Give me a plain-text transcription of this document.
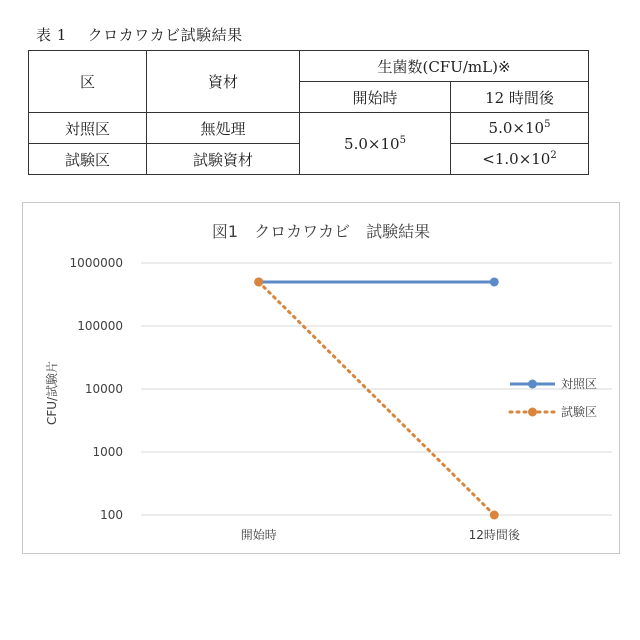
表 1　 クロカワカビ試験結果
区	資材	生菌数(CFU/mL)※	
		開始時	12 時間後
対照区	無処理	$5.0\times 10^5$	$5.0\times 10^5$
試験区	試験資材		$<1.0\times 10^2$
図1　クロカワカビ　試験結果
CFU/試験片
1000000
100000
10000
1000
100
開始時	12時間後
対照区
試験区
